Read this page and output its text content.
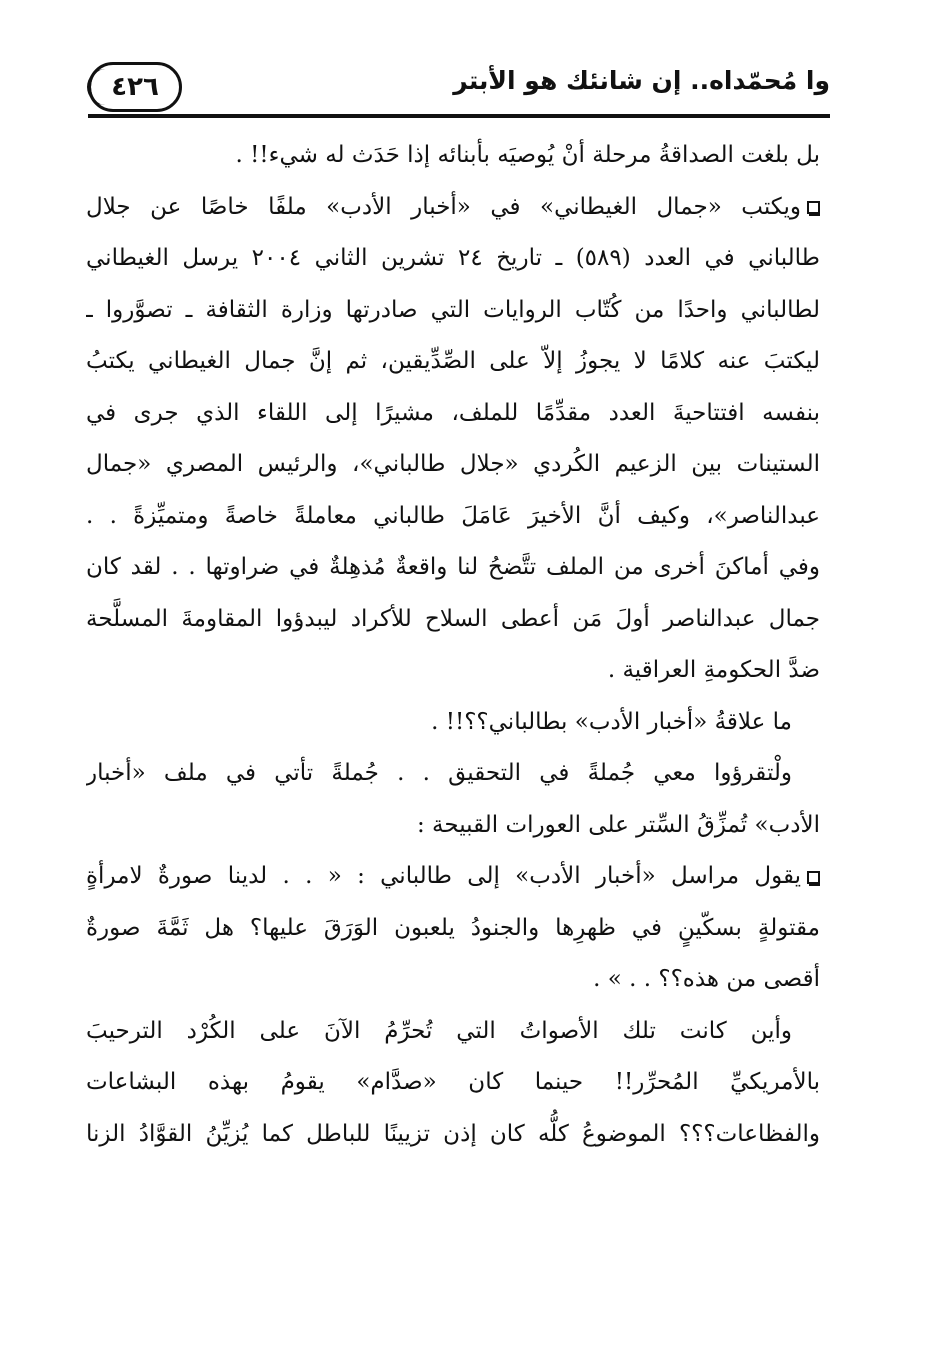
٤٢٦	وا مُحمّداه.. إن شانئك هو الأبتر
بل بلغت الصداقةُ مرحلة أنْ يُوصيَه بأبنائه إذا حَدَث له شيء!! .
ويكتب «جمال الغيطاني» في «أخبار الأدب» ملفًا خاصًا عن جلال
طالباني في العدد (٥٨٩) ـ تاريخ ٢٤ تشرين الثاني ٢٠٠٤ يرسل الغيطاني
لطالباني واحدًا من كُتّاب الروايات التي صادرتها وزارة الثقافة ـ تصوَّروا ـ
ليكتبَ عنه كلامًا لا يجوزُ إلاّ على الصِّدِّيقين، ثم إنَّ جمال الغيطاني يكتبُ
بنفسه افتتاحيةَ العدد مقدِّمًا للملف، مشيرًا إلى اللقاء الذي جرى في
الستينات بين الزعيم الكُردي «جلال طالباني»، والرئيس المصري «جمال
عبدالناصر»، وكيف أنَّ الأخيرَ عَامَلَ طالباني معاملةً خاصةً ومتميِّزةً . .
وفي أماكنَ أخرى من الملف تتَّضحُ لنا واقعةٌ مُذهِلةٌ في ضراوتها . . لقد كان
جمال عبدالناصر أولَ مَن أعطى السلاح للأكراد ليبدؤوا المقاومةَ المسلَّحة
ضدَّ الحكومةِ العراقية .
ما علاقةُ «أخبار الأدب» بطالباني؟؟!! .
ولْتقرؤوا معي جُملةً في التحقيق . . جُملةً تأتي في ملف «أخبار
الأدب» تُمزِّقُ السِّتر على العورات القبيحة :
يقول مراسل «أخبار الأدب» إلى طالباني : « . . لدينا صورةٌ لامرأةٍ
مقتولةٍ بسكّينٍ في ظهرِها والجنودُ يلعبون الوَرَقَ عليها؟ هل ثَمَّةَ صورةٌ
أقصى من هذه؟؟ . . » .
وأين كانت تلك الأصواتُ التي تُحرِّمُ الآنَ على الكُرْد الترحيبَ
بالأمريكيِّ المُحرِّر!! حينما كان «صدَّام» يقومُ بهذه البشاعات
والفظاعات؟؟؟ الموضوعُ كلُّه كان إذن تزيينًا للباطل كما يُزيِّنُ القوَّادُ الزنا
